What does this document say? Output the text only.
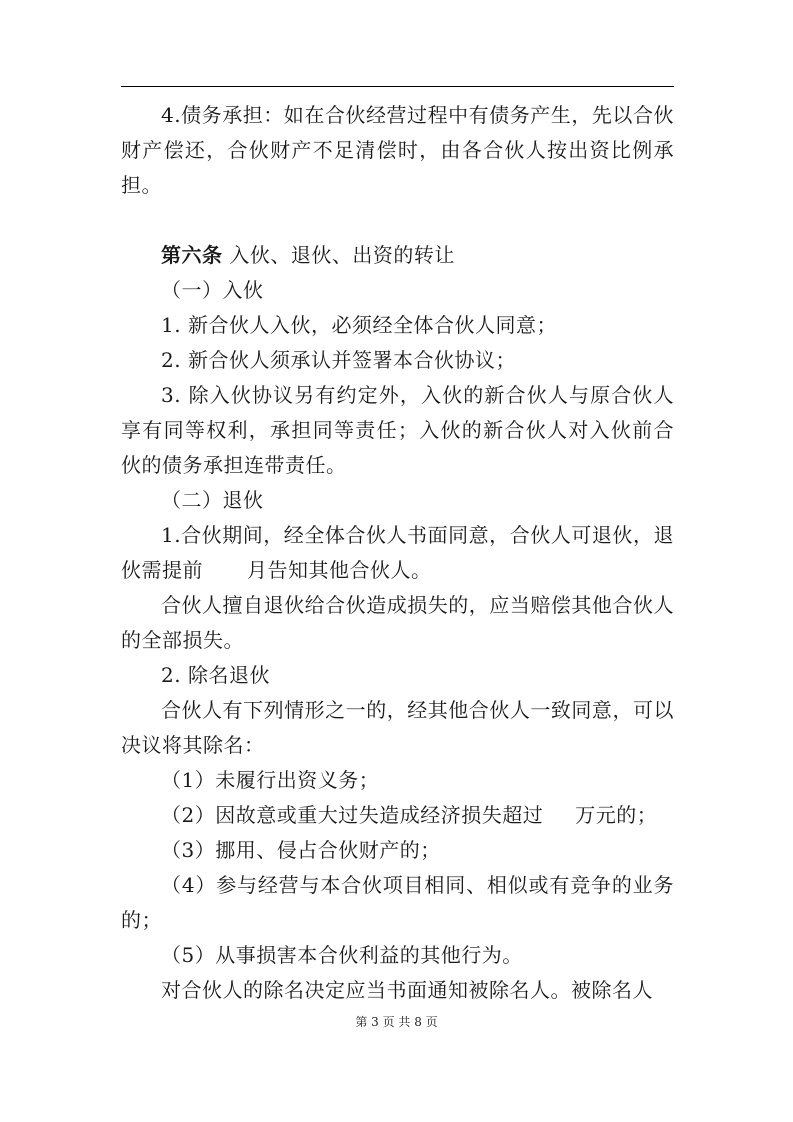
4.债务承担：如在合伙经营过程中有债务产生，先以合伙财产偿还，合伙财产不足清偿时，由各合伙人按出资比例承担。

第六条 入伙、退伙、出资的转让

（一）入伙

1. 新合伙人入伙，必须经全体合伙人同意；

2. 新合伙人须承认并签署本合伙协议；

3. 除入伙协议另有约定外，入伙的新合伙人与原合伙人享有同等权利，承担同等责任；入伙的新合伙人对入伙前合伙的债务承担连带责任。

（二）退伙

1.合伙期间，经全体合伙人书面同意，合伙人可退伙，退伙需提前 月告知其他合伙人。

合伙人擅自退伙给合伙造成损失的，应当赔偿其他合伙人的全部损失。

2. 除名退伙

合伙人有下列情形之一的，经其他合伙人一致同意，可以决议将其除名：

（1）未履行出资义务；

（2）因故意或重大过失造成经济损失超过 万元的；

（3）挪用、侵占合伙财产的；

（4）参与经营与本合伙项目相同、相似或有竞争的业务的；

（5）从事损害本合伙利益的其他行为。

对合伙人的除名决定应当书面通知被除名人。被除名人

第 3 页 共 8 页
